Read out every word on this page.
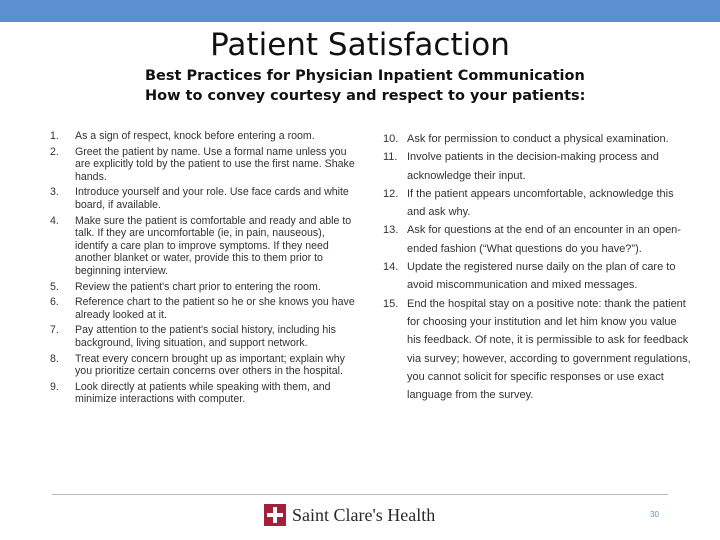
Patient Satisfaction
Best Practices for Physician Inpatient Communication
How to convey courtesy and respect to your patients:
1.	As a sign of respect, knock before entering a room.
2.	Greet the patient by name. Use a formal name unless you are explicitly told by the patient to use the first name. Shake hands.
3.	Introduce yourself and your role. Use face cards and white board, if available.
4.	Make sure the patient is comfortable and ready and able to talk. If they are uncomfortable (ie, in pain, nauseous), identify a care plan to improve symptoms. If they need another blanket or water, provide this to them prior to beginning interview.
5.	Review the patient's chart prior to entering the room.
6.	Reference chart to the patient so he or she knows you have already looked at it.
7.	Pay attention to the patient's social history, including his background, living situation, and support network.
8.	Treat every concern brought up as important; explain why you prioritize certain concerns over others in the hospital.
9.	Look directly at patients while speaking with them, and minimize interactions with computer.
10. Ask for permission to conduct a physical examination.
11. Involve patients in the decision-making process and acknowledge their input.
12. If the patient appears uncomfortable, acknowledge this and ask why.
13. Ask for questions at the end of an encounter in an open-ended fashion (“What questions do you have?”).
14. Update the registered nurse daily on the plan of care to avoid miscommunication and mixed messages.
15. End the hospital stay on a positive note: thank the patient for choosing your institution and let him know you value his feedback. Of note, it is permissible to ask for feedback via survey; however, according to government regulations, you cannot solicit for specific responses or use exact language from the survey.
Saint Clare's Health	30
